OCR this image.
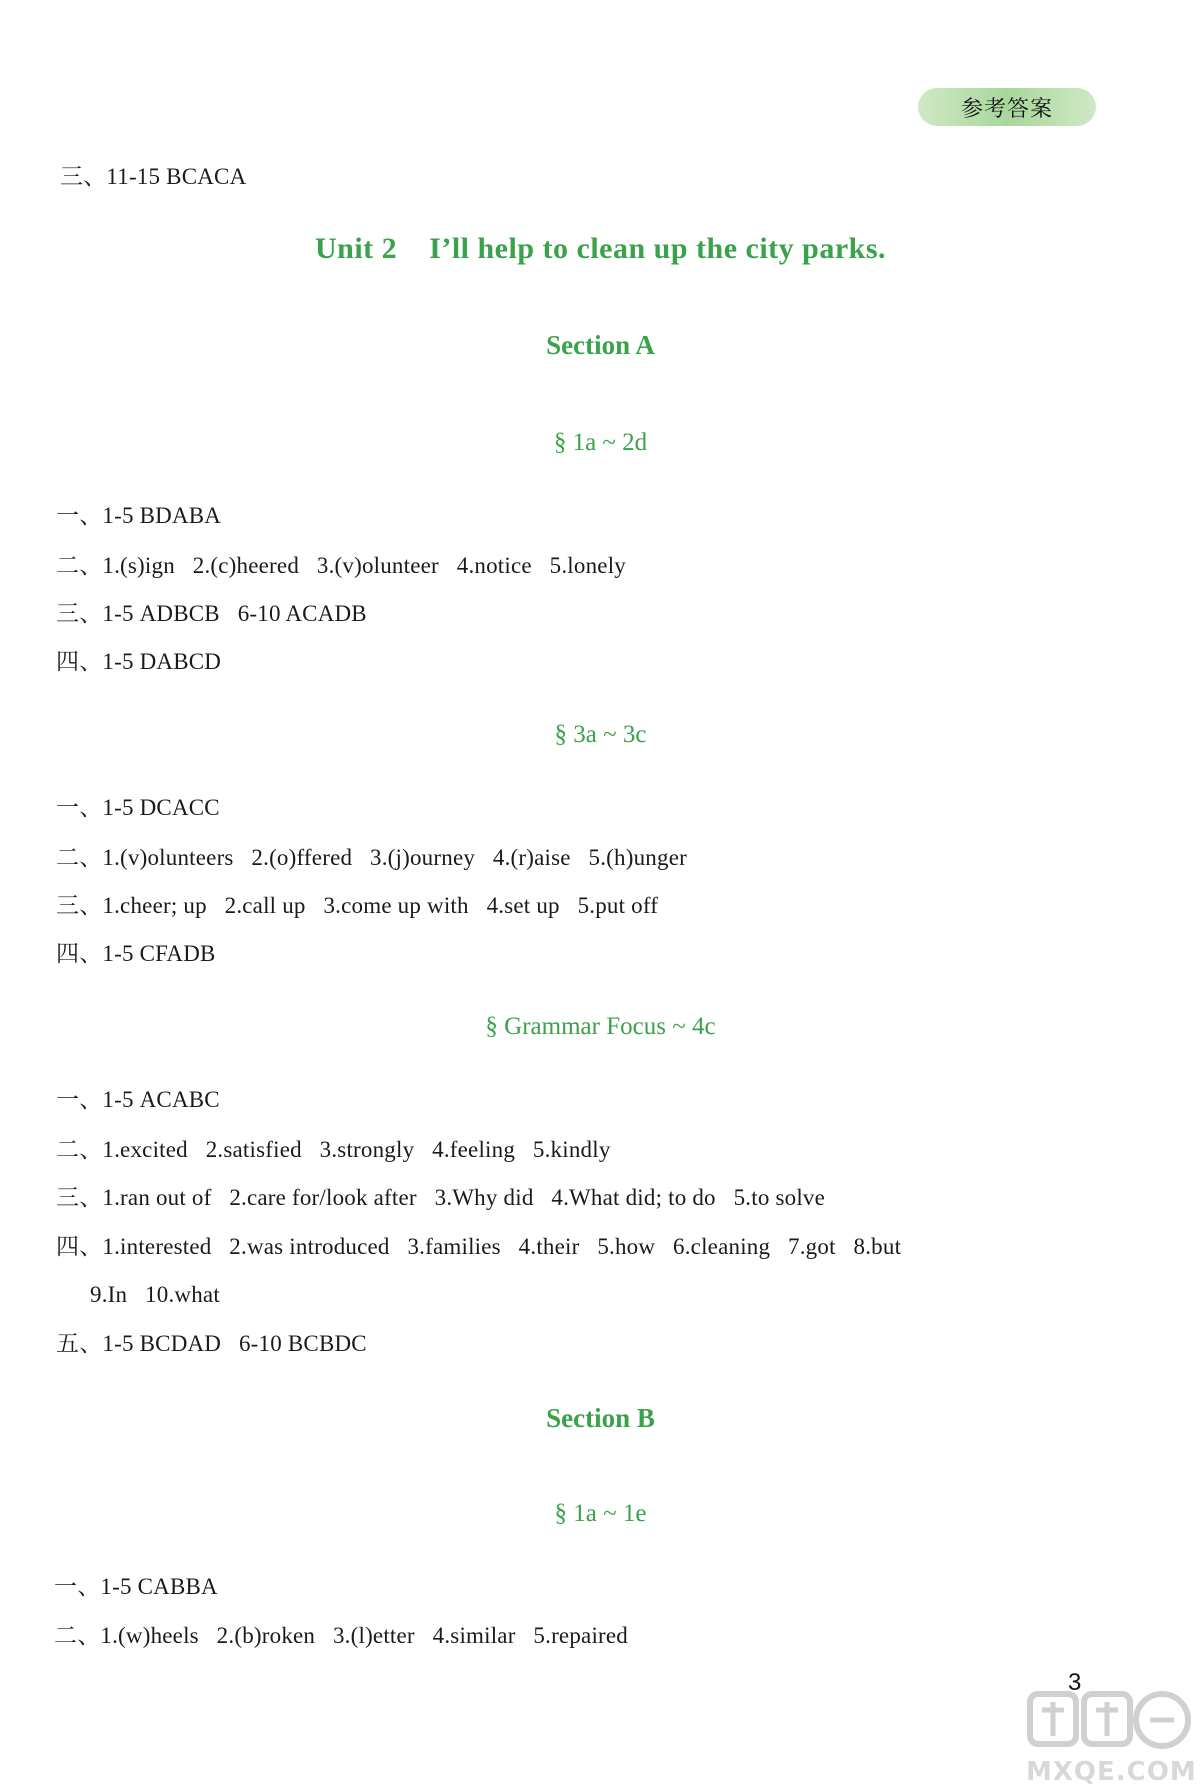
参考答案
三、11-15 BCACA
Unit 2    I’ll help to clean up the city parks.
Section A
§ 1a ~ 2d
一、1-5 BDABA
二、1.(s)ign   2.(c)heered   3.(v)olunteer   4.notice   5.lonely
三、1-5 ADBCB   6-10 ACADB
四、1-5 DABCD
§ 3a ~ 3c
一、1-5 DCACC
二、1.(v)olunteers   2.(o)ffered   3.(j)ourney   4.(r)aise   5.(h)unger
三、1.cheer; up   2.call up   3.come up with   4.set up   5.put off
四、1-5 CFADB
§ Grammar Focus ~ 4c
一、1-5 ACABC
二、1.excited   2.satisfied   3.strongly   4.feeling   5.kindly
三、1.ran out of   2.care for/look after   3.Why did   4.What did; to do   5.to solve
四、1.interested   2.was introduced   3.families   4.their   5.how   6.cleaning   7.got   8.but
9.In   10.what
五、1-5 BCDAD   6-10 BCBDC
Section B
§ 1a ~ 1e
一、1-5 CABBA
二、1.(w)heels   2.(b)roken   3.(l)etter   4.similar   5.repaired
3
MXQE.COM
